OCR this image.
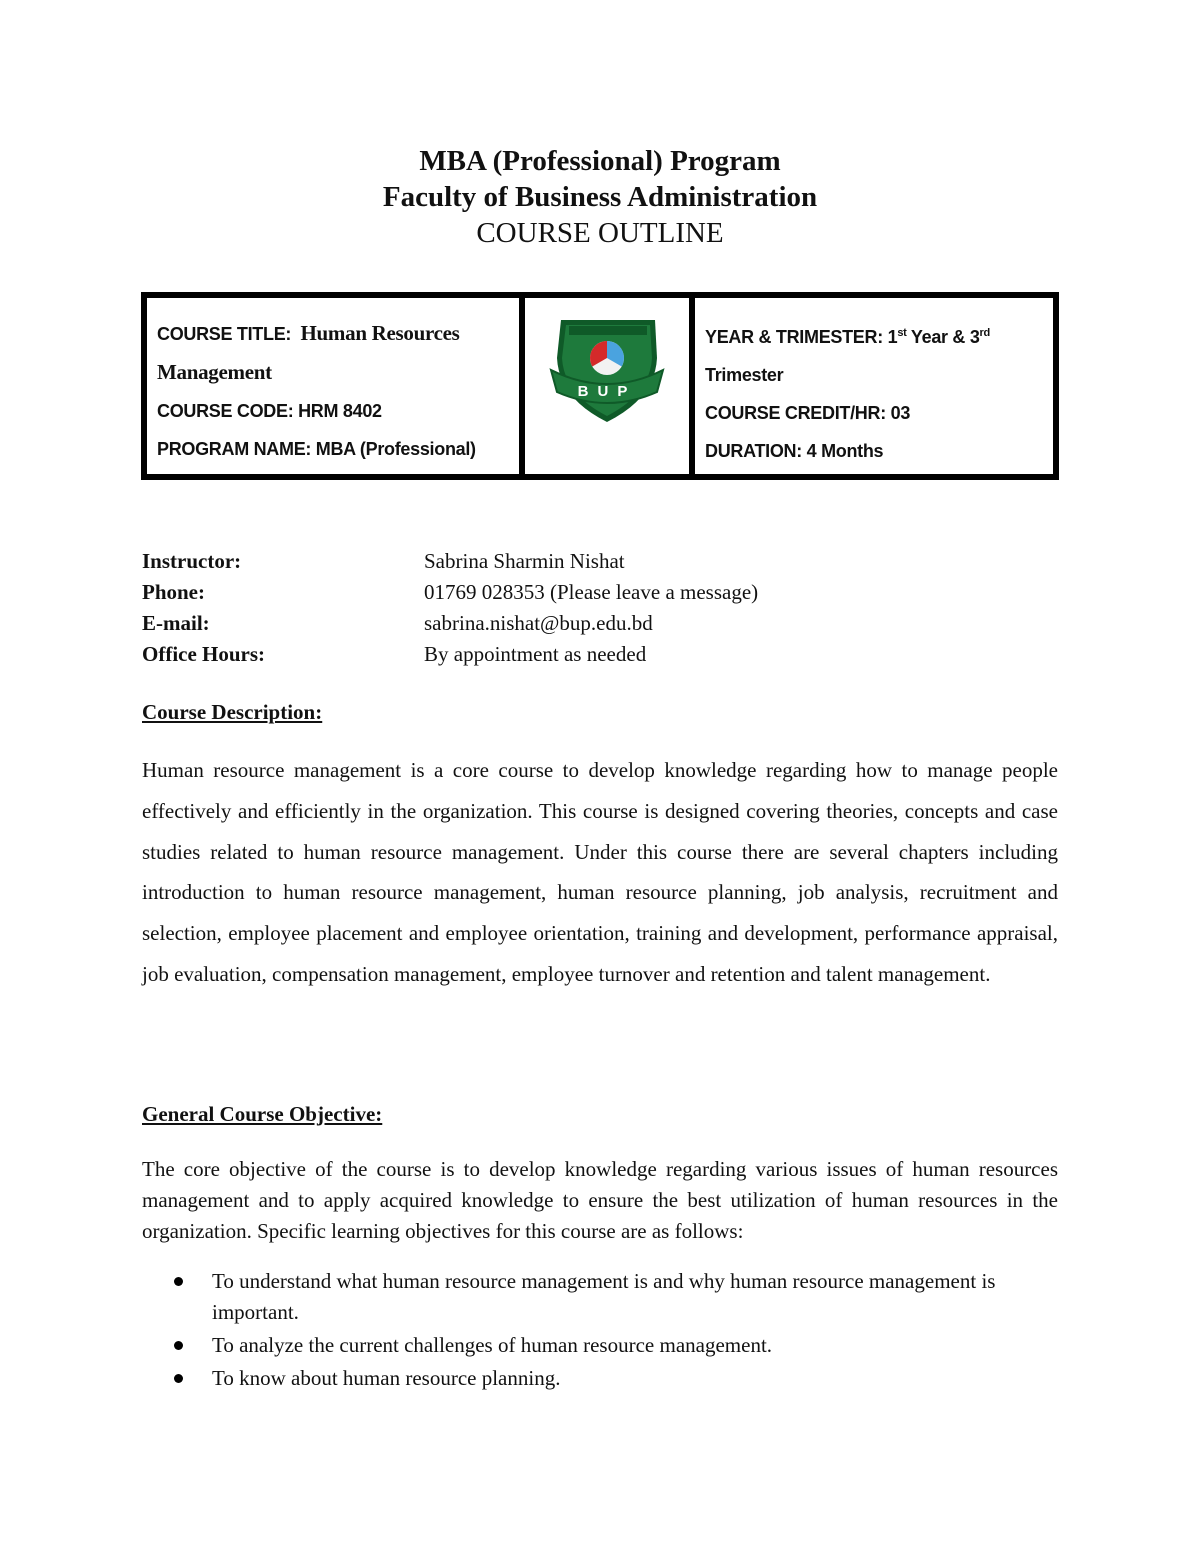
MBA (Professional) Program
Faculty of Business Administration
COURSE OUTLINE
COURSE TITLE: Human Resources
Management
COURSE CODE: HRM 8402
PROGRAM NAME: MBA (Professional)
BUP
YEAR & TRIMESTER: 1st Year & 3rd
Trimester
COURSE CREDIT/HR: 03
DURATION: 4 Months
Instructor:	Sabrina Sharmin Nishat
Phone:	01769 028353 (Please leave a message)
E-mail:	sabrina.nishat@bup.edu.bd
Office Hours:	By appointment as needed
Course Description:
Human resource management is a core course to develop knowledge regarding how to manage people effectively and efficiently in the organization. This course is designed covering theories, concepts and case studies related to human resource management. Under this course there are several chapters including introduction to human resource management, human resource planning, job analysis, recruitment and selection, employee placement and employee orientation, training and development, performance appraisal, job evaluation, compensation management, employee turnover and retention and talent management.
General Course Objective:
The core objective of the course is to develop knowledge regarding various issues of human resources management and to apply acquired knowledge to ensure the best utilization of human resources in the organization. Specific learning objectives for this course are as follows:
To understand what human resource management is and why human resource management is important.
To analyze the current challenges of human resource management.
To know about human resource planning.
